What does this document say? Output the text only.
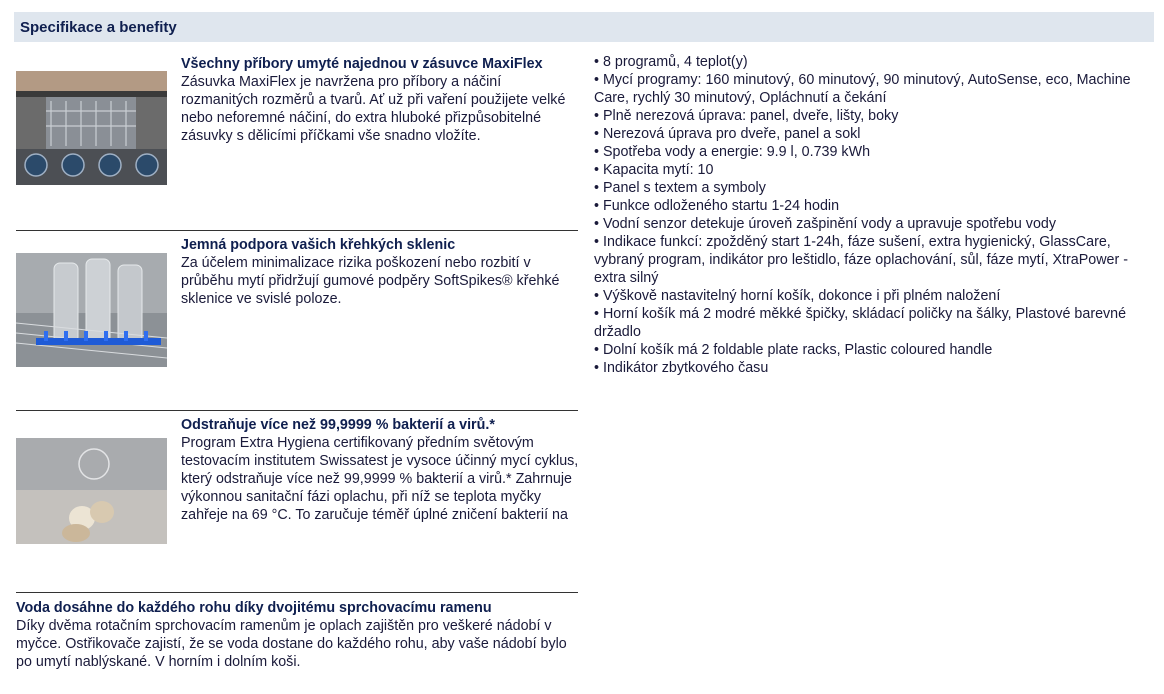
Specifikace a benefity
Všechny příbory umyté najednou v zásuvce MaxiFlex
Zásuvka MaxiFlex je navržena pro příbory a náčiní rozmanitých rozměrů a tvarů. Ať už při vaření použijete velké nebo neforemné náčiní, do extra hluboké přizpůsobitelné zásuvky s dělicími příčkami vše snadno vložíte.
Jemná podpora vašich křehkých sklenic
Za účelem minimalizace rizika poškození nebo rozbití v průběhu mytí přidržují gumové podpěry SoftSpikes® křehké sklenice ve svislé poloze.
Odstraňuje více než 99,9999 % bakterií a virů.*
Program Extra Hygiena certifikovaný předním světovým testovacím institutem Swissatest je vysoce účinný mycí cyklus, který odstraňuje více než 99,9999 % bakterií a virů.* Zahrnuje výkonnou sanitační fázi oplachu, při níž se teplota myčky zahřeje na 69 °C. To zaručuje téměř úplné zničení bakterií na
Voda dosáhne do každého rohu díky dvojitému sprchovacímu ramenu
Díky dvěma rotačním sprchovacím ramenům je oplach zajištěn pro veškeré nádobí v myčce. Ostřikovače zajistí, že se voda dostane do každého rohu, aby vaše nádobí bylo po umytí nablýskané. V horním i dolním koši.
• 8 programů, 4 teplot(y)
• Mycí programy: 160 minutový, 60 minutový, 90 minutový, AutoSense, eco, Machine Care, rychlý 30 minutový, Opláchnutí a čekání
• Plně nerezová úprava: panel, dveře, lišty, boky
• Nerezová úprava pro dveře, panel a sokl
• Spotřeba vody a energie: 9.9 l, 0.739 kWh
• Kapacita mytí: 10
• Panel s textem a symboly
• Funkce odloženého startu 1-24 hodin
• Vodní senzor detekuje úroveň zašpinění vody a upravuje spotřebu vody
• Indikace funkcí: zpožděný start 1-24h, fáze sušení, extra hygienický, GlassCare, vybraný program, indikátor pro leštidlo, fáze oplachování, sůl, fáze mytí, XtraPower - extra silný
• Výškově nastavitelný horní košík, dokonce i při plném naložení
• Horní košík má 2 modré měkké špičky, skládací poličky na šálky, Plastové barevné držadlo
• Dolní košík má 2 foldable plate racks, Plastic coloured handle
• Indikátor zbytkového času
